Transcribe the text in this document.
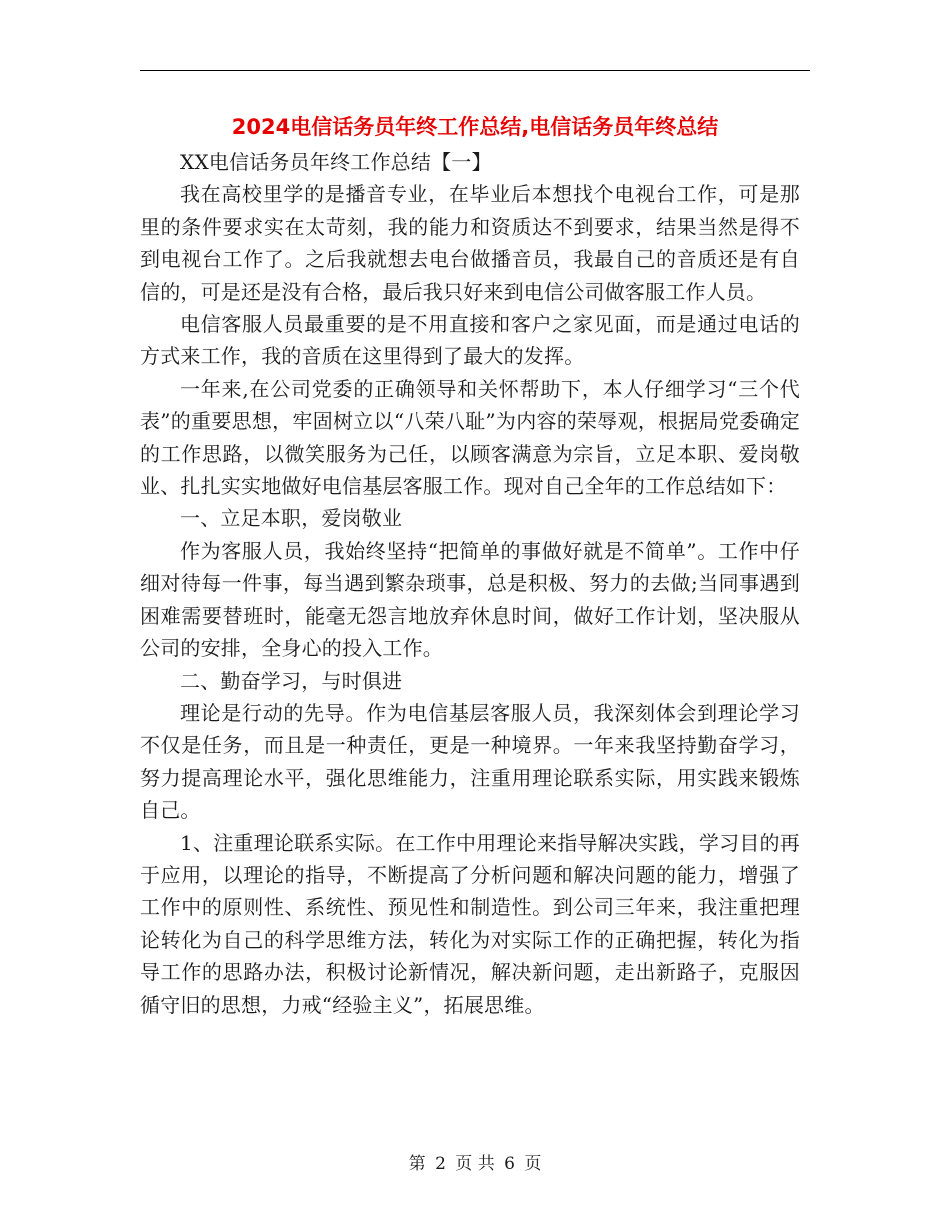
2024电信话务员年终工作总结,电信话务员年终总结

XX电信话务员年终工作总结【一】

我在高校里学的是播音专业，在毕业后本想找个电视台工作，可是那里的条件要求实在太苛刻，我的能力和资质达不到要求，结果当然是得不到电视台工作了。之后我就想去电台做播音员，我最自己的音质还是有自信的，可是还是没有合格，最后我只好来到电信公司做客服工作人员。

电信客服人员最重要的是不用直接和客户之家见面，而是通过电话的方式来工作，我的音质在这里得到了最大的发挥。

一年来,在公司党委的正确领导和关怀帮助下，本人仔细学习“三个代表”的重要思想，牢固树立以“八荣八耻”为内容的荣辱观，根据局党委确定的工作思路，以微笑服务为己任，以顾客满意为宗旨，立足本职、爱岗敬业、扎扎实实地做好电信基层客服工作。现对自己全年的工作总结如下：

一、立足本职，爱岗敬业

作为客服人员，我始终坚持“把简单的事做好就是不简单”。工作中仔细对待每一件事，每当遇到繁杂琐事，总是积极、努力的去做;当同事遇到困难需要替班时，能毫无怨言地放弃休息时间，做好工作计划，坚决服从公司的安排，全身心的投入工作。

二、勤奋学习，与时俱进

理论是行动的先导。作为电信基层客服人员，我深刻体会到理论学习不仅是任务，而且是一种责任，更是一种境界。一年来我坚持勤奋学习，努力提高理论水平，强化思维能力，注重用理论联系实际，用实践来锻炼自己。

1、注重理论联系实际。在工作中用理论来指导解决实践，学习目的再于应用，以理论的指导，不断提高了分析问题和解决问题的能力，增强了工作中的原则性、系统性、预见性和制造性。到公司三年来，我注重把理论转化为自己的科学思维方法，转化为对实际工作的正确把握，转化为指导工作的思路办法，积极讨论新情况，解决新问题，走出新路子，克服因循守旧的思想，力戒“经验主义”，拓展思维。

第 2 页 共 6 页
